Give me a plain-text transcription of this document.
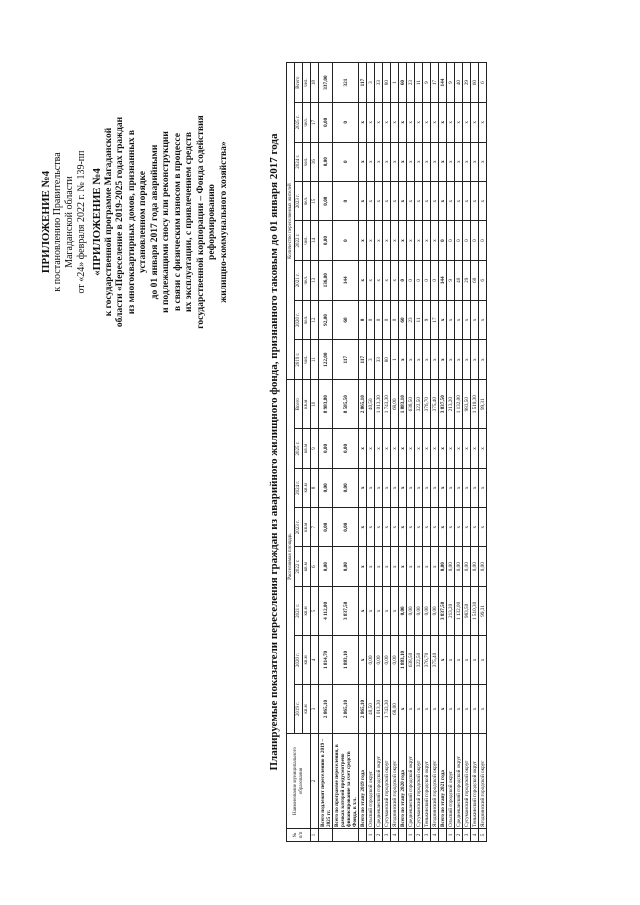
ПРИЛОЖЕНИЕ №4 к постановлению Правительства Магаданской области от «24» февраля 2022 г. № 139-пп «ПРИЛОЖЕНИЕ №4 к государственной программе Магаданской области «Переселение в 2019-2025 годах граждан из многоквартирных домов, признанных в установленном порядке до 01 января 2017 года аварийными и подлежащими сносу или реконструкции в связи с физическим износом в процессе их эксплуатации, с привлечением средств государственной корпорации – Фонда содействия реформированию жилищно-коммунального хозяйства»	Планируемые показатели переселения граждан из аварийного жилищного фонда, признанного таковым до 01 января 2017 года
№ п/п	Наименование муниципального образования	Расселяемая площадь								Количество переселяемых жителей							
		2019 г.	2020 г.	2021 г.	2022 г.	2023 г.	2024 г.	2025 г.	Всего	2019 г.	2020 г.	2021 г.	2022 г.	2023 г.	2024 г.	2025 г.	Всего
		кв.м	кв.м	кв.м	кв.м	кв.м	кв.м	кв.м	кв.м	чел.	чел.	чел.	чел.	чел.	чел.	чел.	чел.
1	2	3	4	5	6	7	8	9	10	11	12	13	14	15	16	17	18
	Всего подлежит переселению в 2019 – 2025 гг.	2 865,10	1 814,70	4 112,00	0,00	0,00	0,00	0,00	8 983,80	122,00	92,00	136,00	0,00	0,00	0,00	0,00	337,00
	Всего по программе переселения, в рамках которой предусмотрено финансирование за счет средств Фонда, в т.ч.	2 865,10	1 883,10	3 837,50	0,00	0,00	0,00	0,00	8 585,50	117	60	144	0	0	0	0	321
	Всего по этапу 2019 года	2 865,10	х	х	х	х	х	х	2 865,10	117	0	х	х	х	х	х	117
1	Ольский городской округ	40,50	0,00	х	х	х	х	х	40,50	3	0	х	х	х	х	х	3
2	Среднеканский городской округ	1 013,30	0,00	х	х	х	х	х	1 013,30	33	0	х	х	х	х	х	33
3	Сусуманский городской округ	1 743,30	0,00	х	х	х	х	х	1 743,30	80	0	х	х	х	х	х	80
4	Ягоднинский городской округ	68,00	0,00	х	х	х	х	х	68,00	1	0	х	х	х	х	х	1
	Всего по этапу 2020 года	х	1 883,10	0,00	х	х	х	х	1 883,10	х	60	0	х	х	х	х	60
1	Среднеканский городской округ	х	638,50	0,00	х	х	х	х	638,50	х	23	0	х	х	х	х	23
2	Сусуманский городской округ	х	322,50	0,00	х	х	х	х	322,50	х	11	0	х	х	х	х	11
3	Тенькинский городской округ	х	376,70	0,00	х	х	х	х	376,70	х	9	0	х	х	х	х	9
4	Ягоднинский городской округ	х	375,40	0,00	х	х	х	х	375,40	х	17	0	х	х	х	х	17
	Всего по этапу 2021 года	х	х	3 837,50	0,00	х	х	х	3 837,50	х	х	144	0	х	х	х	144
1	Ольский городской округ	х	х	213,20	0,00	х	х	х	213,20	х	х	9	0	х	х	х	9
2	Среднеканский городской округ	х	х	1 132,00	0,00	х	х	х	1 132,00	х	х	40	0	х	х	х	40
3	Сусуманский городской округ	х	х	983,50	0,00	х	х	х	983,50	х	х	29	0	х	х	х	29
4	Тенькинский городской округ	х	х	1 510,30	0,00	х	х	х	1 510,30	х	х	60	0	х	х	х	60
5	Ягоднинский городской округ	х	х	99,31	0,00	х	х	х	99,31	х	х	6	0	х	х	х	6
